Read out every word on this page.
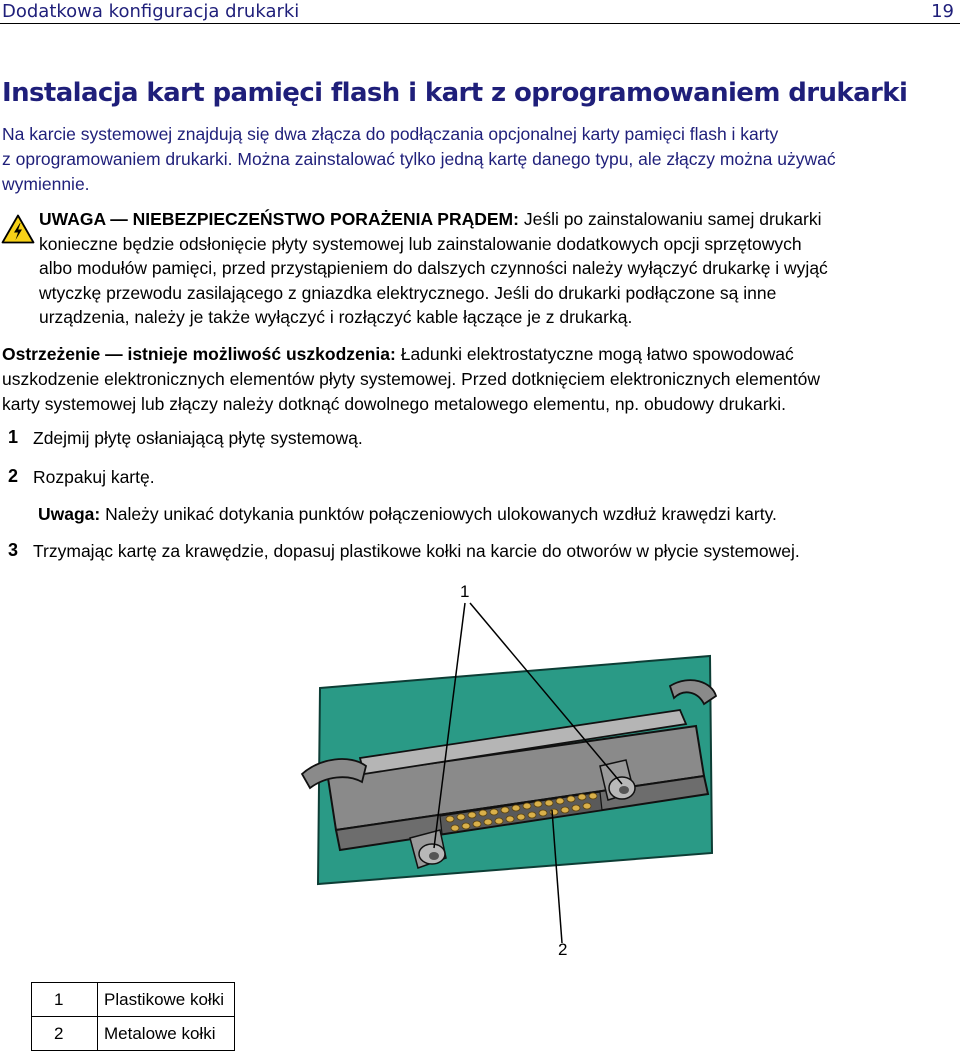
Dodatkowa konfiguracja drukarki	19
Instalacja kart pamięci flash i kart z oprogramowaniem drukarki
Na karcie systemowej znajdują się dwa złącza do podłączania opcjonalnej karty pamięci flash i karty
z oprogramowaniem drukarki. Można zainstalować tylko jedną kartę danego typu, ale złączy można używać
wymiennie.
UWAGA — NIEBEZPIECZEŃSTWO PORAŻENIA PRĄDEM: Jeśli po zainstalowaniu samej drukarki
konieczne będzie odsłonięcie płyty systemowej lub zainstalowanie dodatkowych opcji sprzętowych
albo modułów pamięci, przed przystąpieniem do dalszych czynności należy wyłączyć drukarkę i wyjąć
wtyczkę przewodu zasilającego z gniazdka elektrycznego. Jeśli do drukarki podłączone są inne
urządzenia, należy je także wyłączyć i rozłączyć kable łączące je z drukarką.
Ostrzeżenie — istnieje możliwość uszkodzenia: Ładunki elektrostatyczne mogą łatwo spowodować
uszkodzenie elektronicznych elementów płyty systemowej. Przed dotknięciem elektronicznych elementów
karty systemowej lub złączy należy dotknąć dowolnego metalowego elementu, np. obudowy drukarki.
1 Zdejmij płytę osłaniającą płytę systemową.
2 Rozpakuj kartę.
Uwaga: Należy unikać dotykania punktów połączeniowych ulokowanych wzdłuż krawędzi karty.
3 Trzymając kartę za krawędzie, dopasuj plastikowe kołki na karcie do otworów w płycie systemowej.
1
2
1	Plastikowe kołki
2	Metalowe kołki
